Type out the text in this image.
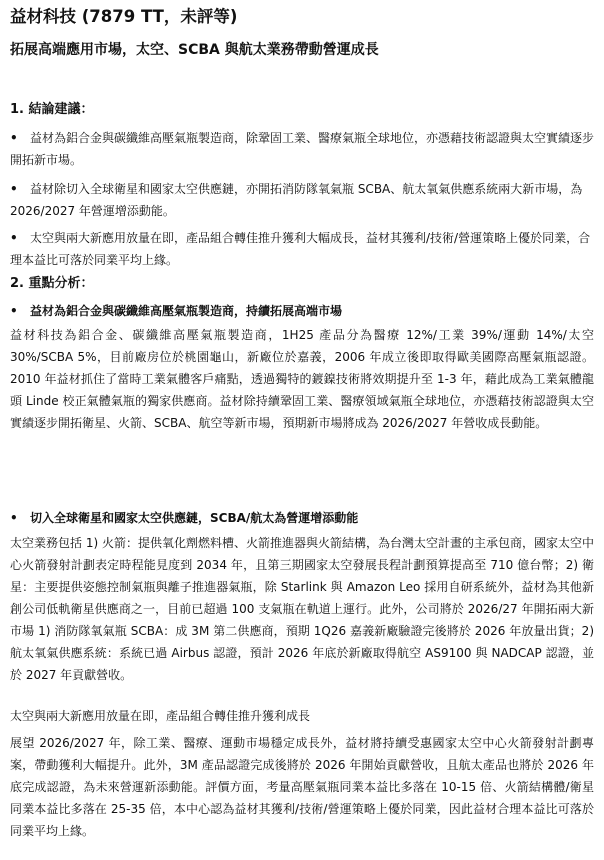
益材科技 (7879 TT，未評等)
拓展高端應用市場，太空、SCBA 與航太業務帶動營運成長
1. 結論建議：
•	益材為鋁合金與碳纖維高壓氣瓶製造商，除鞏固工業、醫療氣瓶全球地位，亦憑藉技術認證與太空實績逐步開拓新市場。
•	益材除切入全球衛星和國家太空供應鏈，亦開拓消防隊氧氣瓶 SCBA、航太氧氣供應系統兩大新市場，為 2026/2027 年營運增添動能。
•	太空與兩大新應用放量在即，產品組合轉佳推升獲利大幅成長，益材其獲利/技術/營運策略上優於同業，合理本益比可落於同業平均上緣。
2. 重點分析：
•	益材為鋁合金與碳纖維高壓氣瓶製造商，持續拓展高端市場
益材科技為鋁合金、碳纖維高壓氣瓶製造商，1H25 產品分為醫療 12%/工業 39%/運動 14%/太空 30%/SCBA 5%，目前廠房位於桃園龜山，新廠位於嘉義，2006 年成立後即取得歐美國際高壓氣瓶認證。2010 年益材抓住了當時工業氣體客戶痛點，透過獨特的鍍鎳技術將效期提升至 1-3 年，藉此成為工業氣體龍頭 Linde 校正氣體氣瓶的獨家供應商。益材除持續鞏固工業、醫療領域氣瓶全球地位，亦憑藉技術認證與太空實績逐步開拓衛星、火箭、SCBA、航空等新市場，預期新市場將成為 2026/2027 年營收成長動能。
•	切入全球衛星和國家太空供應鏈，SCBA/航太為營運增添動能
太空業務包括 1) 火箭：提供氧化劑燃料槽、火箭推進器與火箭結構，為台灣太空計畫的主承包商，國家太空中心火箭發射計劃表定時程能見度到 2034 年，且第三期國家太空發展長程計劃預算提高至 710 億台幣；2) 衛星：主要提供姿態控制氣瓶與離子推進器氣瓶，除 Starlink 與 Amazon Leo 採用自研系統外，益材為其他新創公司低軌衛星供應商之一，目前已超過 100 支氣瓶在軌道上運行。此外，公司將於 2026/27 年開拓兩大新市場 1) 消防隊氧氣瓶 SCBA：成 3M 第二供應商，預期 1Q26 嘉義新廠驗證完後將於 2026 年放量出貨；2) 航太氧氣供應系統：系統已過 Airbus 認證，預計 2026 年底於新廠取得航空 AS9100 與 NADCAP 認證，並於 2027 年貢獻營收。
太空與兩大新應用放量在即，產品組合轉佳推升獲利成長
展望 2026/2027 年，除工業、醫療、運動市場穩定成長外，益材將持續受惠國家太空中心火箭發射計劃專案，帶動獲利大幅提升。此外，3M 產品認證完成後將於 2026 年開始貢獻營收，且航太產品也將於 2026 年底完成認證，為未來營運新添動能。評價方面，考量高壓氣瓶同業本益比多落在 10-15 倍、火箭結構體/衛星同業本益比多落在 25-35 倍，本中心認為益材其獲利/技術/營運策略上優於同業，因此益材合理本益比可落於同業平均上緣。
